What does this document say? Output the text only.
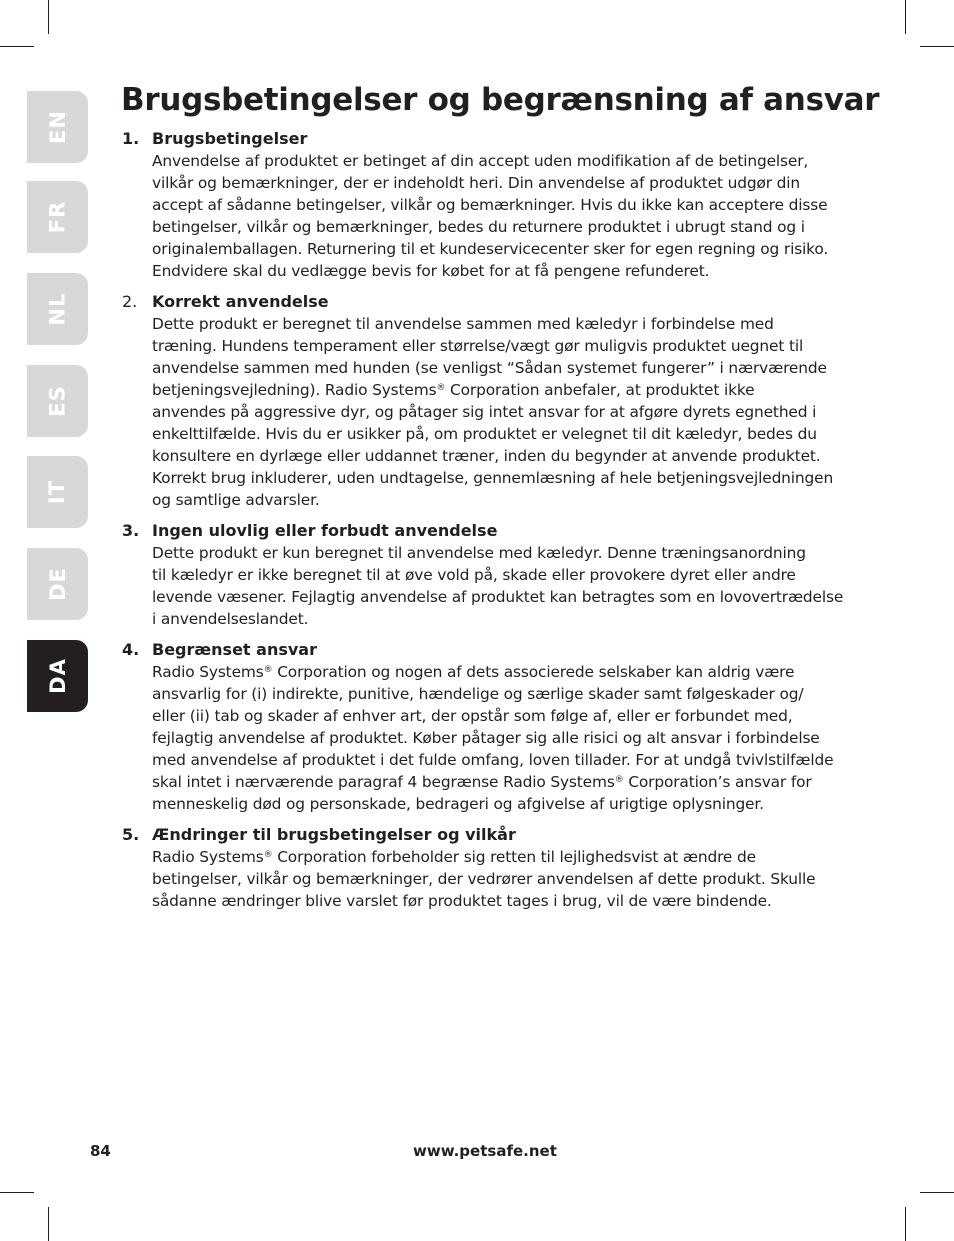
EN
FR
NL
ES
IT
DE
DA
Brugsbetingelser og begrænsning af ansvar
1. Brugsbetingelser
Anvendelse af produktet er betinget af din accept uden modifikation af de betingelser,
vilkår og bemærkninger, der er indeholdt heri. Din anvendelse af produktet udgør din
accept af sådanne betingelser, vilkår og bemærkninger. Hvis du ikke kan acceptere disse
betingelser, vilkår og bemærkninger, bedes du returnere produktet i ubrugt stand og i
originalemballagen. Returnering til et kundeservicecenter sker for egen regning og risiko.
Endvidere skal du vedlægge bevis for købet for at få pengene refunderet.
2. Korrekt anvendelse
Dette produkt er beregnet til anvendelse sammen med kæledyr i forbindelse med
træning. Hundens temperament eller størrelse/vægt gør muligvis produktet uegnet til
anvendelse sammen med hunden (se venligst “Sådan systemet fungerer” i nærværende
betjeningsvejledning). Radio Systems® Corporation anbefaler, at produktet ikke
anvendes på aggressive dyr, og påtager sig intet ansvar for at afgøre dyrets egnethed i
enkelttilfælde. Hvis du er usikker på, om produktet er velegnet til dit kæledyr, bedes du
konsultere en dyrlæge eller uddannet træner, inden du begynder at anvende produktet.
Korrekt brug inkluderer, uden undtagelse, gennemlæsning af hele betjeningsvejledningen
og samtlige advarsler.
3. Ingen ulovlig eller forbudt anvendelse
Dette produkt er kun beregnet til anvendelse med kæledyr. Denne træningsanordning
til kæledyr er ikke beregnet til at øve vold på, skade eller provokere dyret eller andre
levende væsener. Fejlagtig anvendelse af produktet kan betragtes som en lovovertrædelse
i anvendelseslandet.
4. Begrænset ansvar
Radio Systems® Corporation og nogen af dets associerede selskaber kan aldrig være
ansvarlig for (i) indirekte, punitive, hændelige og særlige skader samt følgeskader og/
eller (ii) tab og skader af enhver art, der opstår som følge af, eller er forbundet med,
fejlagtig anvendelse af produktet. Køber påtager sig alle risici og alt ansvar i forbindelse
med anvendelse af produktet i det fulde omfang, loven tillader. For at undgå tvivlstilfælde
skal intet i nærværende paragraf 4 begrænse Radio Systems® Corporation’s ansvar for
menneskelig død og personskade, bedrageri og afgivelse af urigtige oplysninger.
5. Ændringer til brugsbetingelser og vilkår
Radio Systems® Corporation forbeholder sig retten til lejlighedsvist at ændre de
betingelser, vilkår og bemærkninger, der vedrører anvendelsen af dette produkt. Skulle
sådanne ændringer blive varslet før produktet tages i brug, vil de være bindende.
84	www.petsafe.net
